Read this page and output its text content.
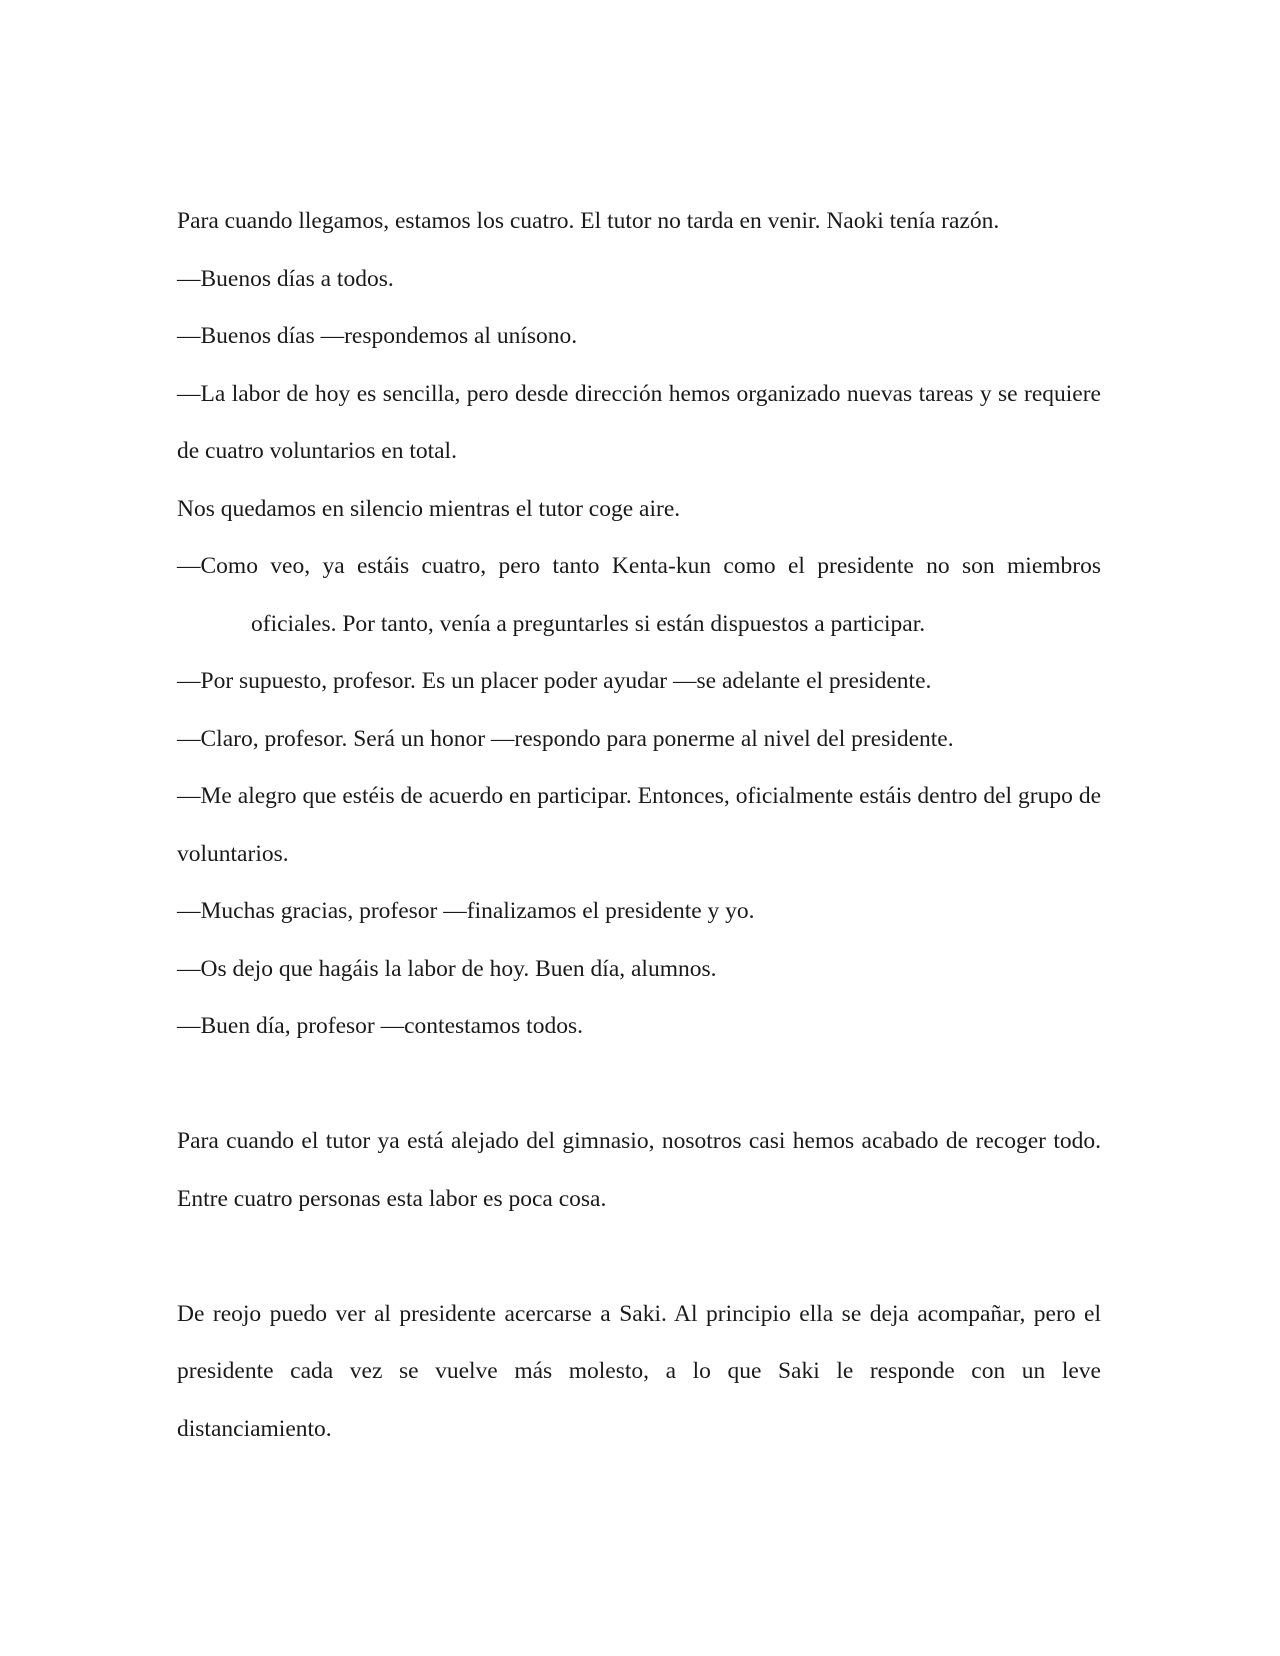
Para cuando llegamos, estamos los cuatro. El tutor no tarda en venir. Naoki tenía razón.

—Buenos días a todos.

—Buenos días —respondemos al unísono.

—La labor de hoy es sencilla, pero desde dirección hemos organizado nuevas tareas y se requiere de cuatro voluntarios en total.

Nos quedamos en silencio mientras el tutor coge aire.

—Como veo, ya estáis cuatro, pero tanto Kenta-kun como el presidente no son miembros oficiales. Por tanto, venía a preguntarles si están dispuestos a participar.

—Por supuesto, profesor. Es un placer poder ayudar —se adelante el presidente.

—Claro, profesor. Será un honor —respondo para ponerme al nivel del presidente.

—Me alegro que estéis de acuerdo en participar. Entonces, oficialmente estáis dentro del grupo de voluntarios.

—Muchas gracias, profesor —finalizamos el presidente y yo.

—Os dejo que hagáis la labor de hoy. Buen día, alumnos.

—Buen día, profesor —contestamos todos.

Para cuando el tutor ya está alejado del gimnasio, nosotros casi hemos acabado de recoger todo. Entre cuatro personas esta labor es poca cosa.

De reojo puedo ver al presidente acercarse a Saki. Al principio ella se deja acompañar, pero el presidente cada vez se vuelve más molesto, a lo que Saki le responde con un leve distanciamiento.
